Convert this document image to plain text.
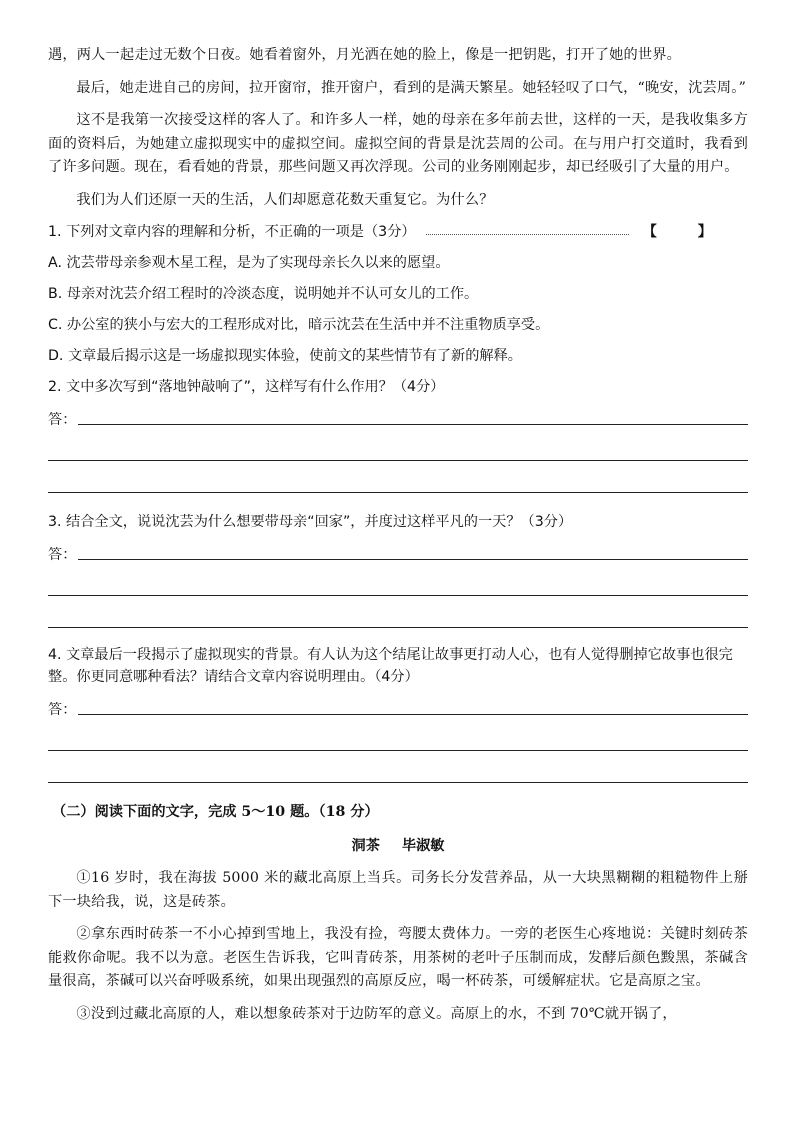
遇，两人一起走过无数个日夜。她看着窗外，月光洒在她的脸上，像是一把钥匙，打开了她的世界。

最后，她走进自己的房间，拉开窗帘，推开窗户，看到的是满天繁星。她轻轻叹了口气，“晚安，沈芸周。”

这不是我第一次接受这样的客人了。和许多人一样，她的母亲在多年前去世，这样的一天，是我收集多方面的资料后，为她建立虚拟现实中的虚拟空间。虚拟空间的背景是沈芸周的公司。在与用户打交道时，我看到了许多问题。现在，看看她的背景，那些问题又再次浮现。公司的业务刚刚起步，却已经吸引了大量的用户。

我们为人们还原一天的生活，人们却愿意花数天重复它。为什么？

1. 下列对文章内容的理解和分析，不正确的一项是（3分）	【 】

A. 沈芸带母亲参观木星工程，是为了实现母亲长久以来的愿望。

B. 母亲对沈芸介绍工程时的冷淡态度，说明她并不认可女儿的工作。

C. 办公室的狭小与宏大的工程形成对比，暗示沈芸在生活中并不注重物质享受。

D. 文章最后揭示这是一场虚拟现实体验，使前文的某些情节有了新的解释。

2. 文中多次写到“落地钟敲响了”，这样写有什么作用？（4分）

答：

3. 结合全文，说说沈芸为什么想要带母亲“回家”，并度过这样平凡的一天？（3分）

答：

4. 文章最后一段揭示了虚拟现实的背景。有人认为这个结尾让故事更打动人心，也有人觉得删掉它故事也很完整。你更同意哪种看法？请结合文章内容说明理由。（4分）

答：
（二）阅读下面的文字，完成 5～10 题。（18 分）
洞茶 毕淑敏

①16 岁时，我在海拔 5000 米的藏北高原上当兵。司务长分发营养品，从一大块黑糊糊的粗糙物件上掰下一块给我，说，这是砖茶。

②拿东西时砖茶一不小心掉到雪地上，我没有捡，弯腰太费体力。一旁的老医生心疼地说：关键时刻砖茶能救你命呢。我不以为意。老医生告诉我，它叫青砖茶，用茶树的老叶子压制而成，发酵后颜色黢黑，茶碱含量很高，茶碱可以兴奋呼吸系统，如果出现强烈的高原反应，喝一杯砖茶，可缓解症状。它是高原之宝。

③没到过藏北高原的人，难以想象砖茶对于边防军的意义。高原上的水，不到 70℃就开锅了，
